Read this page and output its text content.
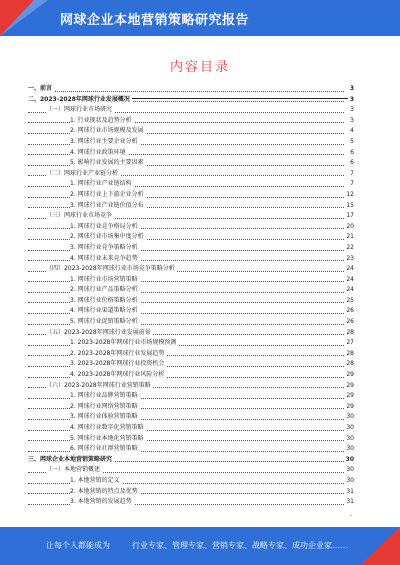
网球企业本地营销策略研究报告
内容目录
一、前言	3
二、2023-2028年网球行业发展概况	3
（一）网球行业市场研究	3
1. 行业现状及趋势分析	3
2. 网球行业市场规模及发展	4
3. 网球行业主要企业分析	5
4. 网球行业政策环境	6
5. 影响行业发展的主要因素	6
（二）网球行业产业链分析	7
1. 网球行业产业链结构	7
2. 网球行业上下游企业分析	12
3. 网球行业产业链价值分布	15
（三）网球行业市场竞争	17
1. 网球行业竞争格局分析	20
2. 网球行业市场集中度分析	21
3. 网球行业竞争策略分析	22
4. 网球行业未来竞争趋势	23
（四）2023-2028年网球行业市场竞争策略分析	24
1. 网球行业市场营销策略	24
2. 网球行业产品策略分析	24
3. 网球行业价格策略分析	25
4. 网球行业渠道策略分析	26
5. 网球行业促销策略分析	26
（五）2023-2028年网球行业发展前景	28
1. 2023-2028年网球行业市场规模预测	27
2. 2023-2028年网球行业发展趋势	28
3. 2023-2028年网球行业投资机会	28
4. 2023-2028年网球行业风险分析	29
（六）2023-2028年网球行业营销策略	29
1. 网球行业品牌营销策略	29
2. 网球行业网络营销策略	29
3. 网球行业体验营销策略	30
4. 网球行业数字化营销策略	30
5. 网球行业本地化营销策略	30
6. 网球行业社群营销策略	30
三、网球企业本地营销策略研究	30
（一）本地营销概述	30
1. 本地营销的定义	30
2. 本地营销的特点及优势	31
3. 本地营销的发展趋势	31
-
让每个人都能成为	行业专家、管理专家、营销专家、战略专家、成功企业家……
